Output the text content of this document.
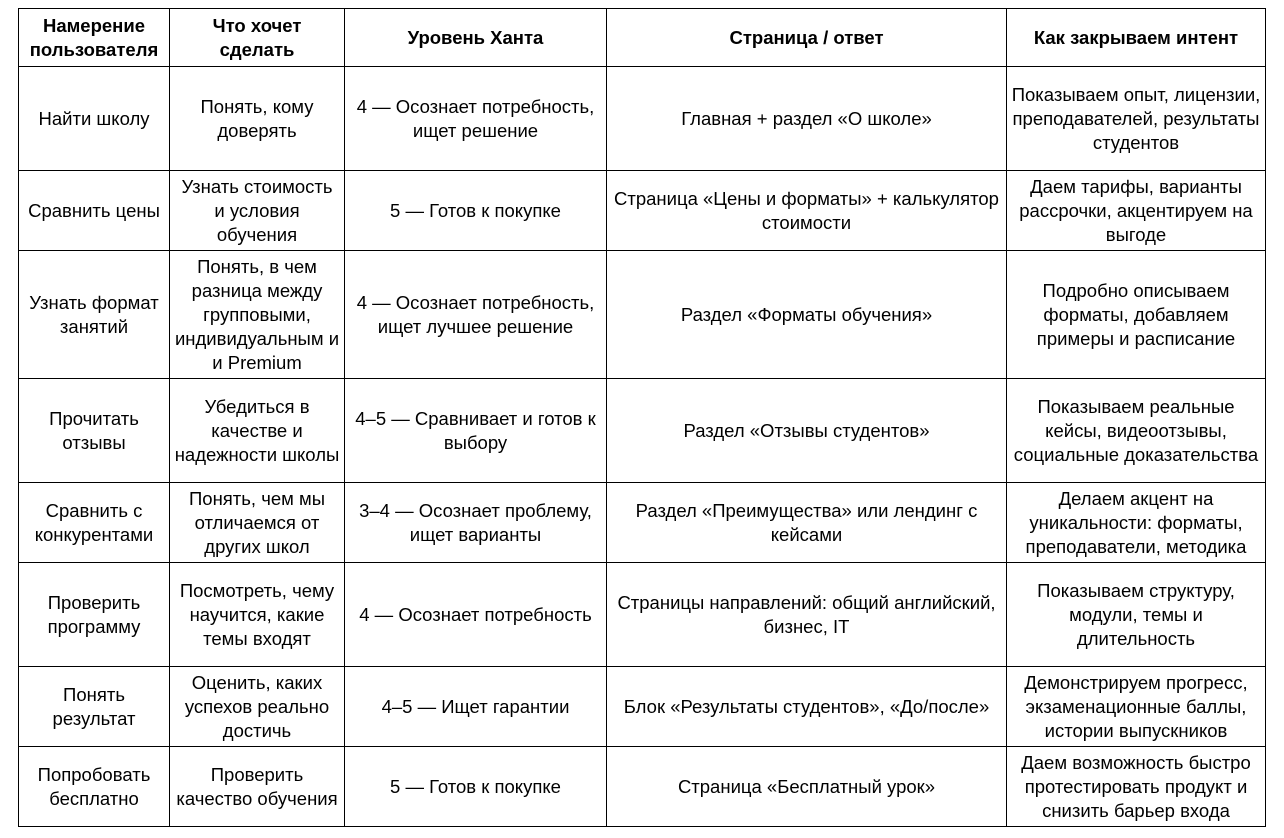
Намерение пользователя	Что хочет сделать	Уровень Ханта	Страница / ответ	Как закрываем интент
Найти школу	Понять, кому доверять	4 — Осознает потребность, ищет решение	Главная + раздел «О школе»	Показываем опыт, лицензии, преподавателей, результаты студентов
Сравнить цены	Узнать стоимость и условия обучения	5 — Готов к покупке	Страница «Цены и форматы» + калькулятор стоимости	Даем тарифы, варианты рассрочки, акцентируем на выгоде
Узнать формат занятий	Понять, в чем разница между групповыми, индивидуальным и и Premium	4 — Осознает потребность, ищет лучшее решение	Раздел «Форматы обучения»	Подробно описываем форматы, добавляем примеры и расписание
Прочитать отзывы	Убедиться в качестве и надежности школы	4–5 — Сравнивает и готов к выбору	Раздел «Отзывы студентов»	Показываем реальные кейсы, видеоотзывы, социальные доказательства
Сравнить с конкурентами	Понять, чем мы отличаемся от других школ	3–4 — Осознает проблему, ищет варианты	Раздел «Преимущества» или лендинг с кейсами	Делаем акцент на уникальности: форматы, преподаватели, методика
Проверить программу	Посмотреть, чему научится, какие темы входят	4 — Осознает потребность	Страницы направлений: общий английский, бизнес, IT	Показываем структуру, модули, темы и длительность
Понять результат	Оценить, каких успехов реально достичь	4–5 — Ищет гарантии	Блок «Результаты студентов», «До/после»	Демонстрируем прогресс, экзаменационные баллы, истории выпускников
Попробовать бесплатно	Проверить качество обучения	5 — Готов к покупке	Страница «Бесплатный урок»	Даем возможность быстро протестировать продукт и снизить барьер входа
